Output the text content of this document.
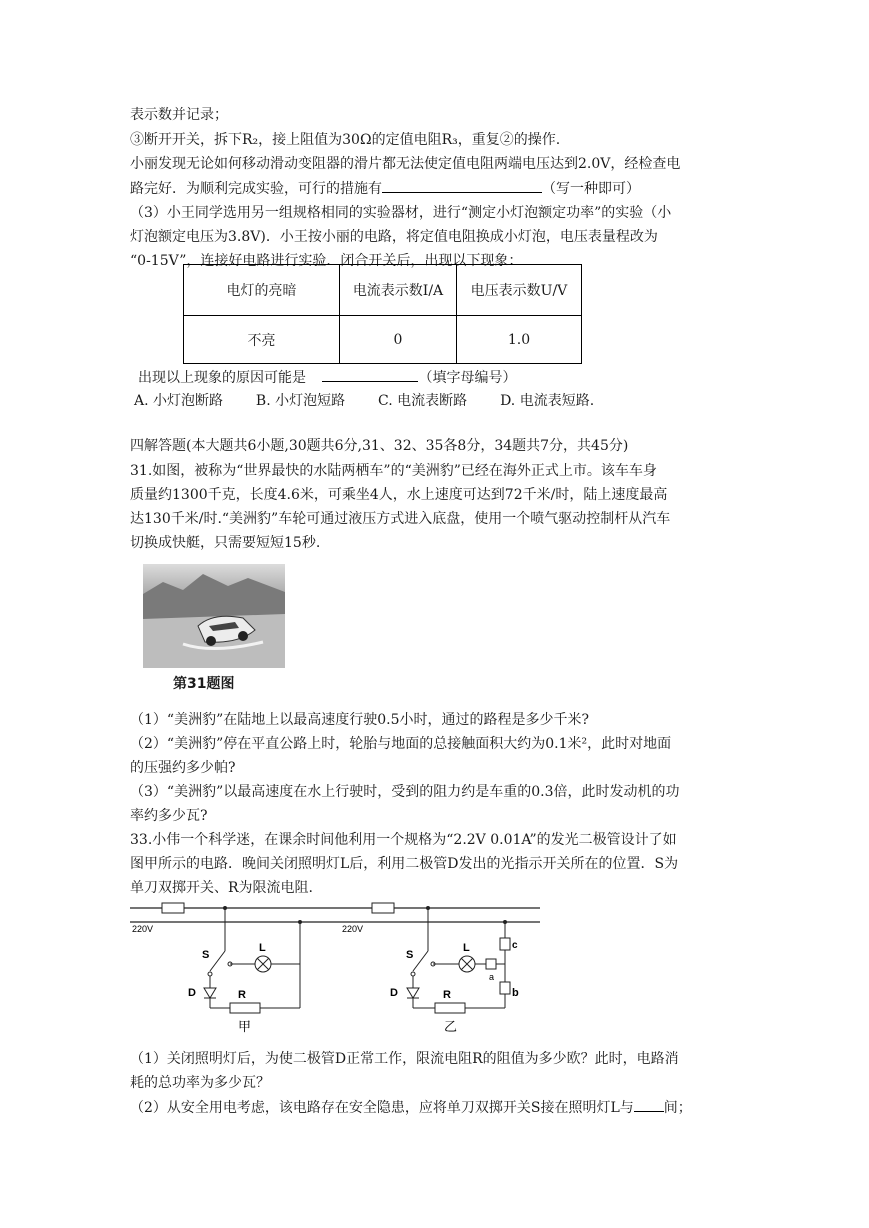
表示数并记录；
③断开开关，拆下R₂，接上阻值为30Ω的定值电阻R₃，重复②的操作.
小丽发现无论如何移动滑动变阻器的滑片都无法使定值电阻两端电压达到2.0V，经检查电
路完好．为顺利完成实验，可行的措施有	（写一种即可）
（3）小王同学选用另一组规格相同的实验器材，进行“测定小灯泡额定功率”的实验（小
灯泡额定电压为3.8V)．小王按小丽的电路，将定值电阻换成小灯泡，电压表量程改为
“0-15V”，连接好电路进行实验．闭合开关后，出现以下现象：
电灯的亮暗	电流表示数I/A	电压表示数U/V
不亮	0	1.0
出现以上现象的原因可能是	（填字母编号）
A. 小灯泡断路 B. 小灯泡短路 C. 电流表断路 D. 电流表短路.
四解答题(本大题共6小题,30题共6分,31、32、35各8分，34题共7分，共45分)
31.如图，被称为“世界最快的水陆两栖车”的“美洲豹”已经在海外正式上市。该车车身
质量约1300千克，长度4.6米，可乘坐4人，水上速度可达到72千米/时，陆上速度最高
达130千米/时.“美洲豹”车轮可通过液压方式进入底盘，使用一个喷气驱动控制杆从汽车
切换成快艇，只需要短短15秒.
第31题图
（1）“美洲豹”在陆地上以最高速度行驶0.5小时，通过的路程是多少千米?
（2）“美洲豹”停在平直公路上时，轮胎与地面的总接触面积大约为0.1米²，此时对地面
的压强约多少帕?
（3）“美洲豹”以最高速度在水上行驶时，受到的阻力约是车重的0.3倍，此时发动机的功
率约多少瓦?
33.小伟一个科学迷，在课余时间他利用一个规格为“2.2V 0.01A”的发光二极管设计了如
图甲所示的电路．晚间关闭照明灯L后，利用二极管D发出的光指示开关所在的位置．S为
单刀双掷开关、R为限流电阻.
220V
S
L
D	R
甲
220V
c
S
a
L
b
D	R
乙
（1）关闭照明灯后，为使二极管D正常工作，限流电阻R的阻值为多少欧？此时，电路消
耗的总功率为多少瓦？
（2）从安全用电考虑，该电路存在安全隐患，应将单刀双掷开关S接在照明灯L与 间；
